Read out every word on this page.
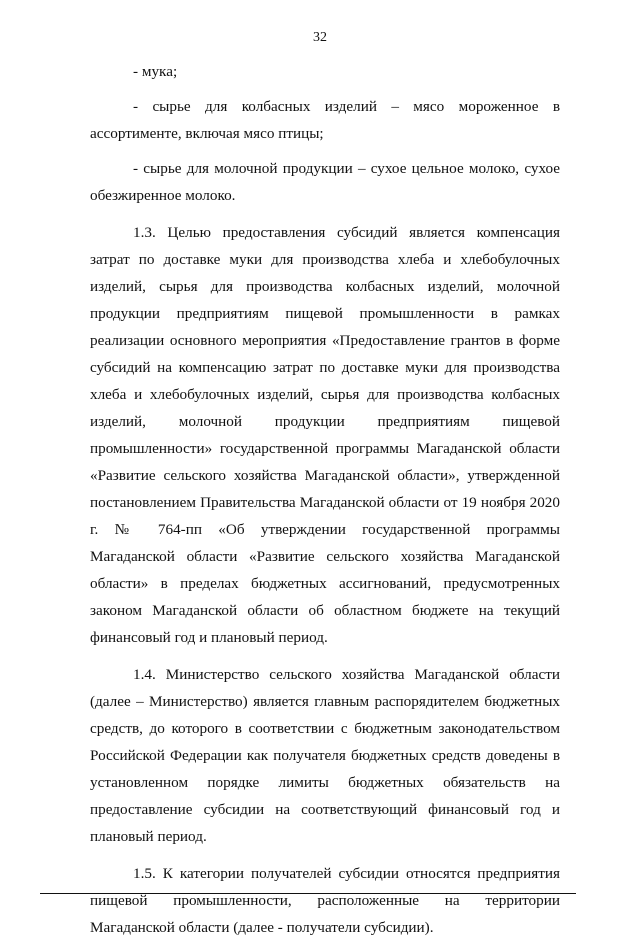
32

- мука;

- сырье для колбасных изделий – мясо мороженное в ассортименте, включая мясо птицы;

- сырье для молочной продукции – сухое цельное молоко, сухое обезжиренное молоко.

1.3. Целью предоставления субсидий является компенсация затрат по доставке муки для производства хлеба и хлебобулочных изделий, сырья для производства колбасных изделий, молочной продукции предприятиям пищевой промышленности в рамках реализации основного мероприятия «Предоставление грантов в форме субсидий на компенсацию затрат по доставке муки для производства хлеба и хлебобулочных изделий, сырья для производства колбасных изделий, молочной продукции предприятиям пищевой промышленности» государственной программы Магаданской области «Развитие сельского хозяйства Магаданской области», утвержденной постановлением Правительства Магаданской области от 19 ноября 2020 г. № 764-пп «Об утверждении государственной программы Магаданской области «Развитие сельского хозяйства Магаданской области» в пределах бюджетных ассигнований, предусмотренных законом Магаданской области об областном бюджете на текущий финансовый год и плановый период.

1.4. Министерство сельского хозяйства Магаданской области (далее – Министерство) является главным распорядителем бюджетных средств, до которого в соответствии с бюджетным законодательством Российской Федерации как получателя бюджетных средств доведены в установленном порядке лимиты бюджетных обязательств на предоставление субсидии на соответствующий финансовый год и плановый период.

1.5. К категории получателей субсидии относятся предприятия пищевой промышленности, расположенные на территории Магаданской области (далее - получатели субсидии).
